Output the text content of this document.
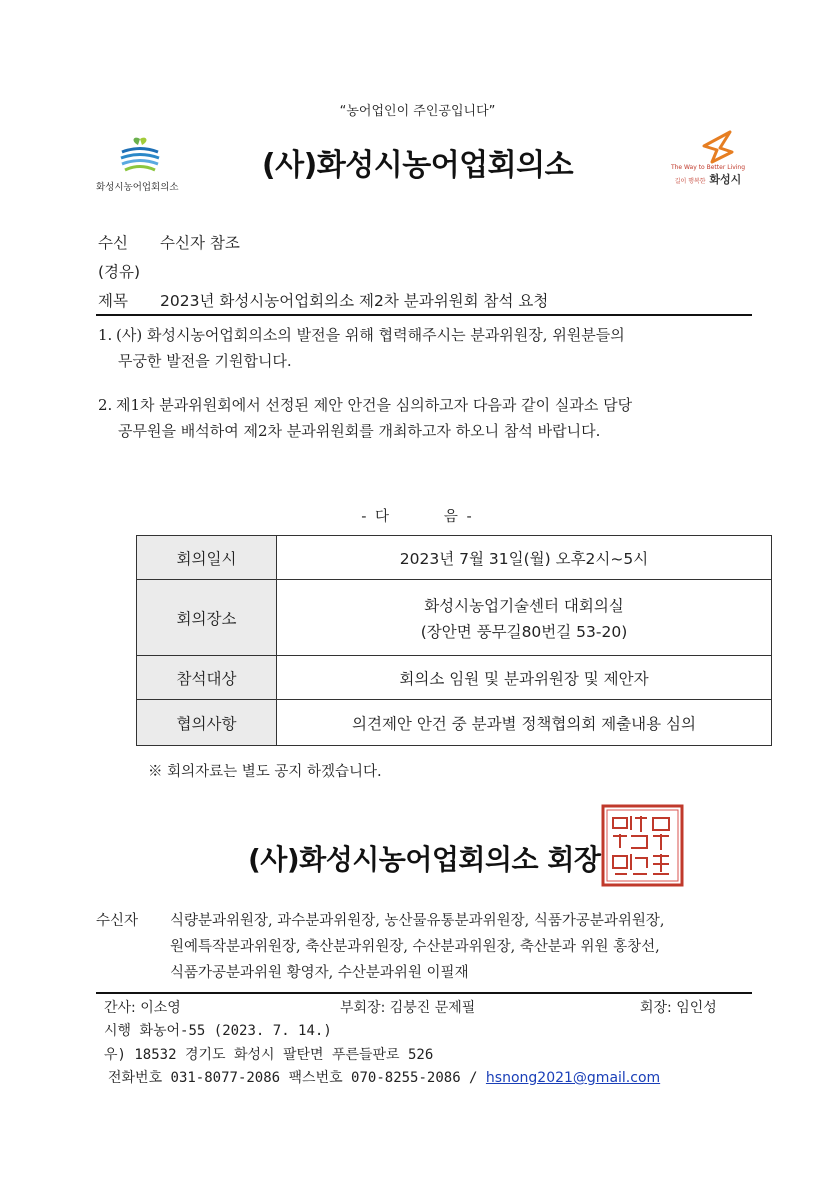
“농어업인이 주인공입니다”
화성시농어업회의소
(사)화성시농어업회의소	The Way to Better Living
길이 행복한 화성시
수신 수신자 참조
(경유)
제목 2023년 화성시농어업회의소 제2차 분과위원회 참석 요청
1. (사) 화성시농어업회의소의 발전을 위해 협력해주시는 분과위원장, 위원분들의
무궁한 발전을 기원합니다.
2. 제1차 분과위원회에서 선정된 제안 안건을 심의하고자 다음과 같이 실과소 담당
공무원을 배석하여 제2차 분과위원회를 개최하고자 하오니 참석 바랍니다.
- 다        음 -
회의일시	2023년 7월 31일(월) 오후2시~5시
회의장소	화성시농업기술센터 대회의실
(장안면 풍무길80번길 53-20)

참석대상	회의소 임원 및 분과위원장 및 제안자
협의사항	의견제안 안건 중 분과별 정책협의회 제출내용 심의
※ 회의자료는 별도 공지 하겠습니다.
(사)화성시농어업회의소 회장
수신자 식량분과위원장, 과수분과위원장, 농산물유통분과위원장, 식품가공분과위원장,
원예특작분과위원장, 축산분과위원장, 수산분과위원장, 축산분과 위원 홍창선,
식품가공분과위원 황영자, 수산분과위원 이필재
간사: 이소영	부회장: 김붕진 문제필	회장: 임인성
시행 화농어-55 (2023. 7. 14.)
우) 18532 경기도 화성시 팔탄면 푸른들판로 526
전화번호 031-8077-2086 팩스번호 070-8255-2086 / hsnong2021@gmail.com
